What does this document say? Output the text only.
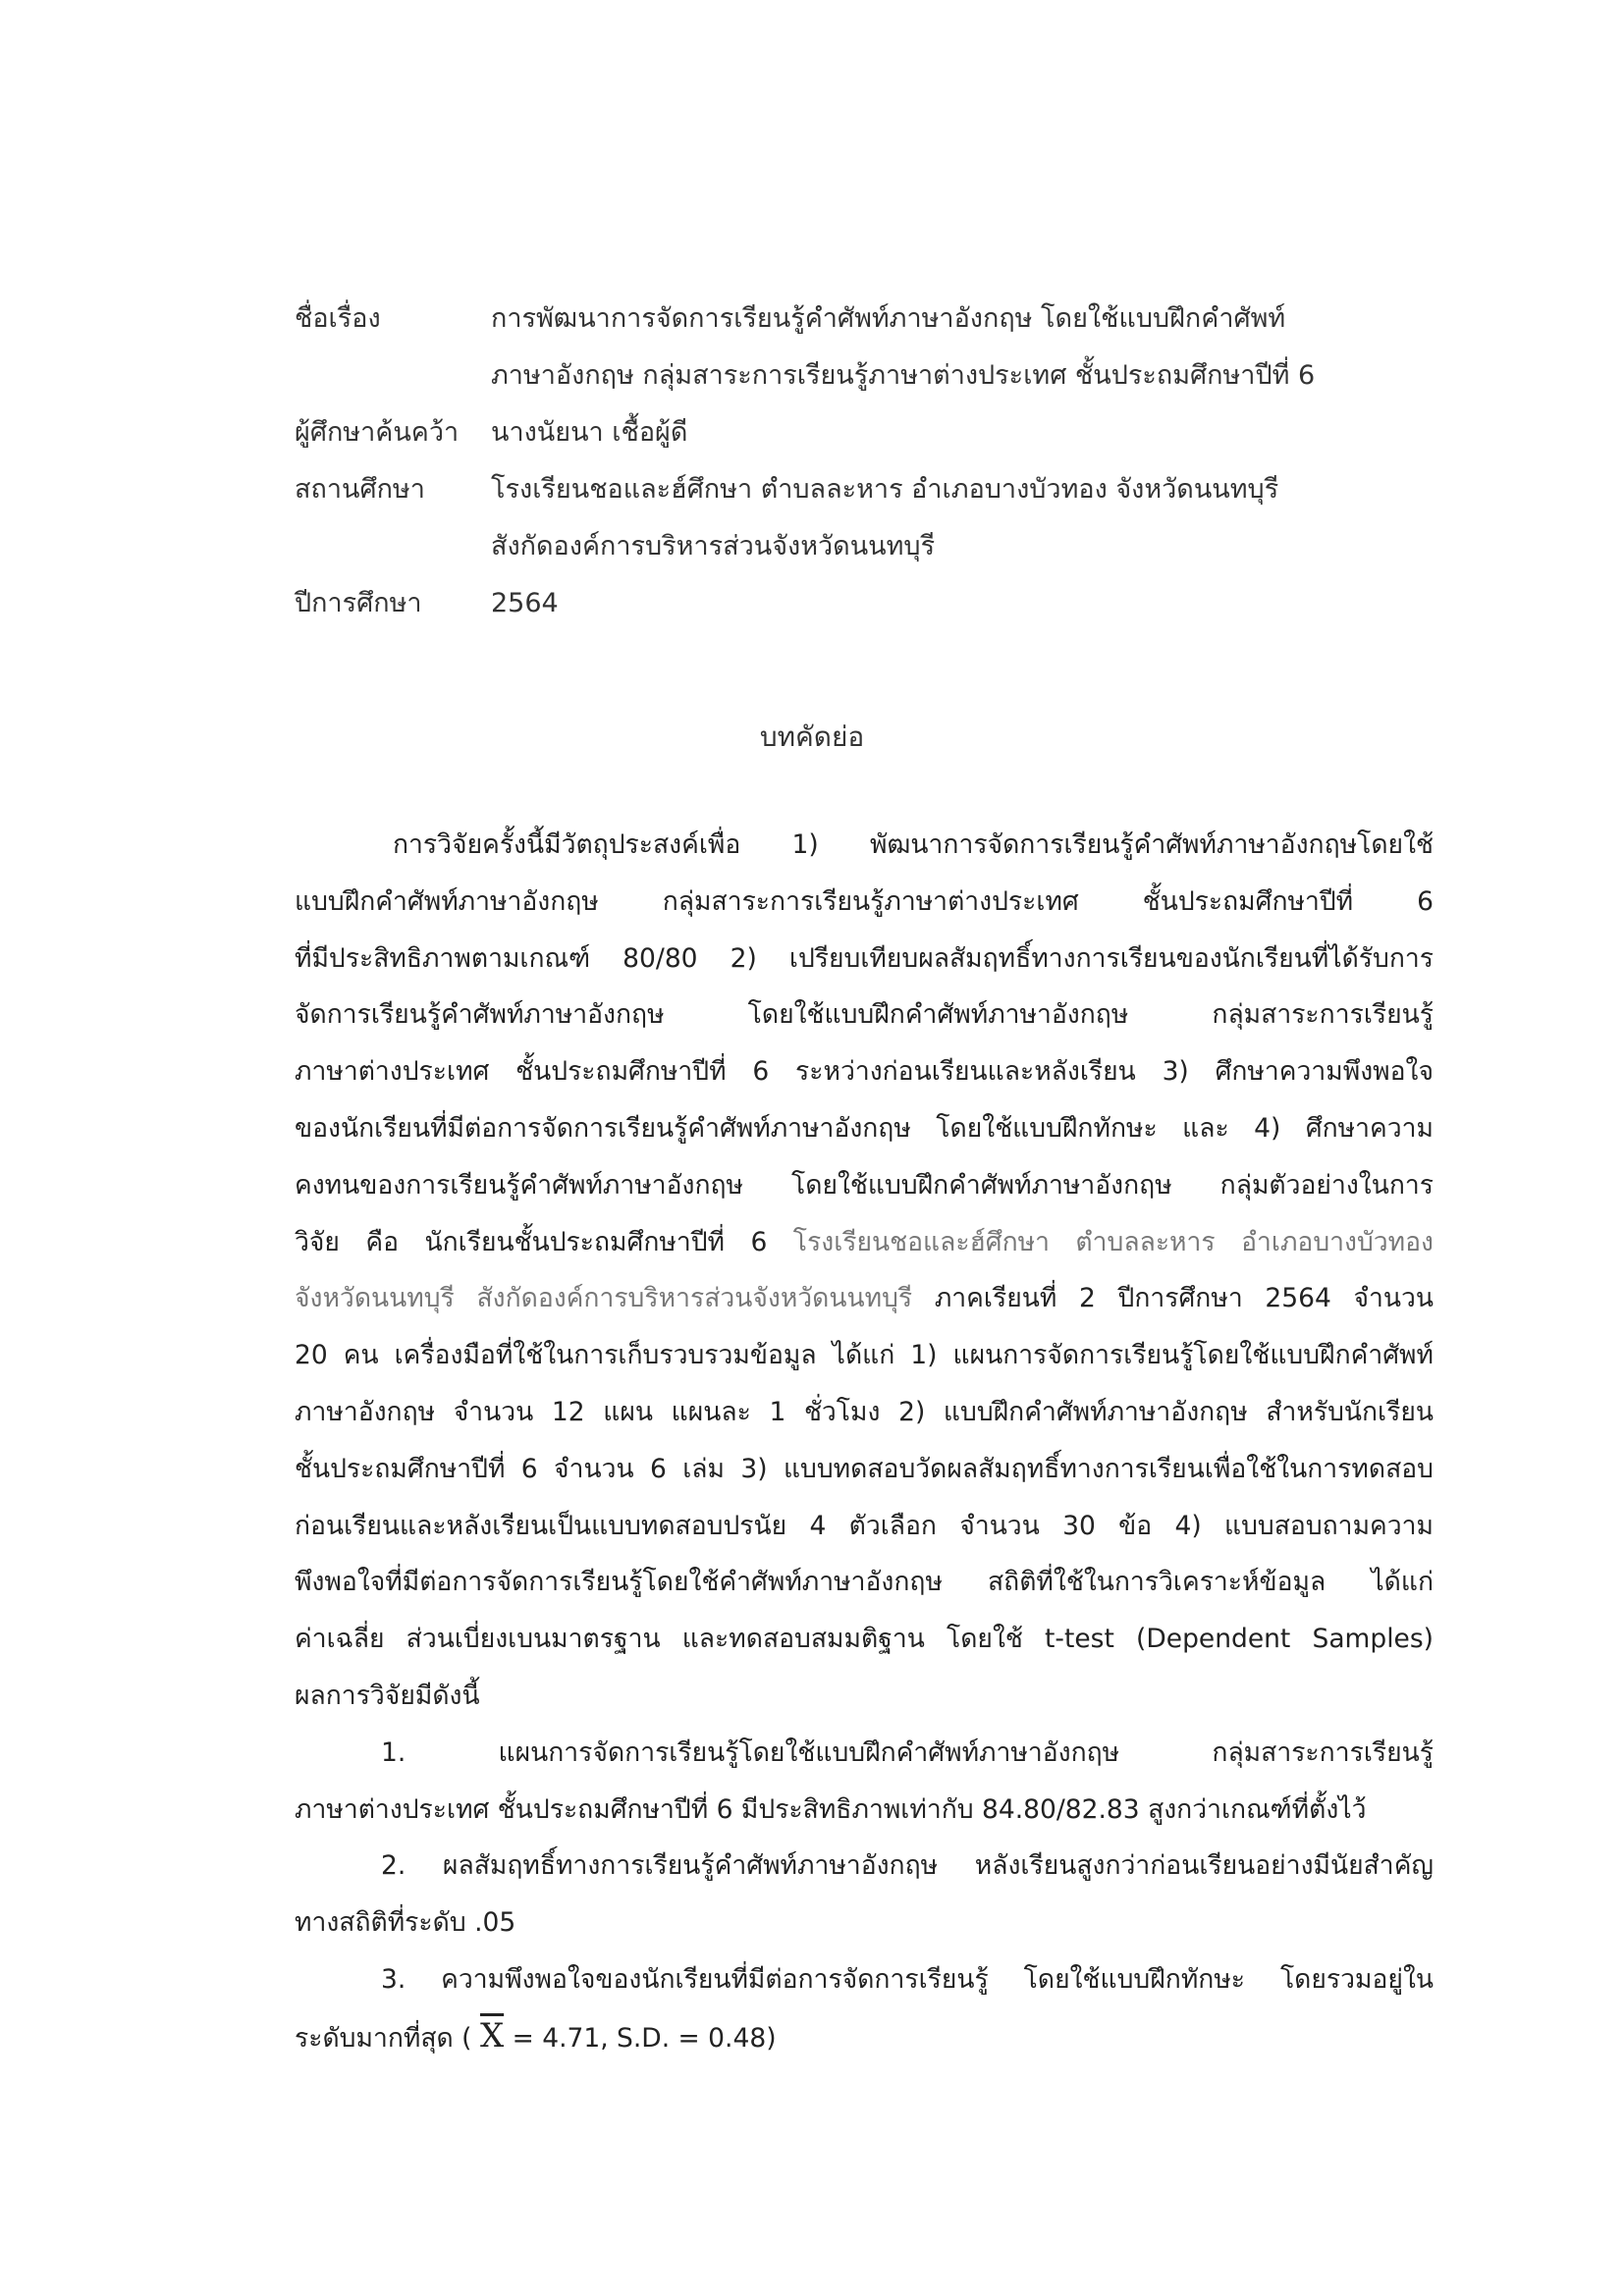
ชื่อเรื่อง	การพัฒนาการจัดการเรียนรู้คำศัพท์ภาษาอังกฤษ โดยใช้แบบฝึกคำศัพท์
ภาษาอังกฤษ กลุ่มสาระการเรียนรู้ภาษาต่างประเทศ ชั้นประถมศึกษาปีที่ 6
ผู้ศึกษาค้นคว้า	นางนัยนา เชื้อผู้ดี
สถานศึกษา	โรงเรียนชอและฮ์ศึกษา ตำบลละหาร อำเภอบางบัวทอง จังหวัดนนทบุรี
สังกัดองค์การบริหารส่วนจังหวัดนนทบุรี
ปีการศึกษา	2564
บทคัดย่อ
การวิจัยครั้งนี้มีวัตถุประสงค์เพื่อ 1) พัฒนาการจัดการเรียนรู้คำศัพท์ภาษาอังกฤษโดยใช้
แบบฝึกคำศัพท์ภาษาอังกฤษ กลุ่มสาระการเรียนรู้ภาษาต่างประเทศ ชั้นประถมศึกษาปีที่ 6
ที่มีประสิทธิภาพตามเกณฑ์ 80/80 2) เปรียบเทียบผลสัมฤทธิ์ทางการเรียนของนักเรียนที่ได้รับการ
จัดการเรียนรู้คำศัพท์ภาษาอังกฤษ โดยใช้แบบฝึกคำศัพท์ภาษาอังกฤษ กลุ่มสาระการเรียนรู้
ภาษาต่างประเทศ ชั้นประถมศึกษาปีที่ 6 ระหว่างก่อนเรียนและหลังเรียน 3) ศึกษาความพึงพอใจ
ของนักเรียนที่มีต่อการจัดการเรียนรู้คำศัพท์ภาษาอังกฤษ โดยใช้แบบฝึกทักษะ และ 4) ศึกษาความ
คงทนของการเรียนรู้คำศัพท์ภาษาอังกฤษ โดยใช้แบบฝึกคำศัพท์ภาษาอังกฤษ กลุ่มตัวอย่างในการ
วิจัย คือ นักเรียนชั้นประถมศึกษาปีที่ 6 โรงเรียนชอและฮ์ศึกษา ตำบลละหาร อำเภอบางบัวทอง
จังหวัดนนทบุรี สังกัดองค์การบริหารส่วนจังหวัดนนทบุรี ภาคเรียนที่ 2 ปีการศึกษา 2564 จำนวน
20 คน เครื่องมือที่ใช้ในการเก็บรวบรวมข้อมูล ได้แก่ 1) แผนการจัดการเรียนรู้โดยใช้แบบฝึกคำศัพท์
ภาษาอังกฤษ จำนวน 12 แผน แผนละ 1 ชั่วโมง 2) แบบฝึกคำศัพท์ภาษาอังกฤษ สำหรับนักเรียน
ชั้นประถมศึกษาปีที่ 6 จำนวน 6 เล่ม 3) แบบทดสอบวัดผลสัมฤทธิ์ทางการเรียนเพื่อใช้ในการทดสอบ
ก่อนเรียนและหลังเรียนเป็นแบบทดสอบปรนัย 4 ตัวเลือก จำนวน 30 ข้อ 4) แบบสอบถามความ
พึงพอใจที่มีต่อการจัดการเรียนรู้โดยใช้คำศัพท์ภาษาอังกฤษ สถิติที่ใช้ในการวิเคราะห์ข้อมูล ได้แก่
ค่าเฉลี่ย ส่วนเบี่ยงเบนมาตรฐาน และทดสอบสมมติฐาน โดยใช้ t-test (Dependent Samples)
ผลการวิจัยมีดังนี้
1. แผนการจัดการเรียนรู้โดยใช้แบบฝึกคำศัพท์ภาษาอังกฤษ กลุ่มสาระการเรียนรู้
ภาษาต่างประเทศ ชั้นประถมศึกษาปีที่ 6 มีประสิทธิภาพเท่ากับ 84.80/82.83 สูงกว่าเกณฑ์ที่ตั้งไว้
2. ผลสัมฤทธิ์ทางการเรียนรู้คำศัพท์ภาษาอังกฤษ หลังเรียนสูงกว่าก่อนเรียนอย่างมีนัยสำคัญ
ทางสถิติที่ระดับ .05
3. ความพึงพอใจของนักเรียนที่มีต่อการจัดการเรียนรู้ โดยใช้แบบฝึกทักษะ โดยรวมอยู่ใน
ระดับมากที่สุด ( $\overline{X} = 4.71$, S.D. = 0.48)
